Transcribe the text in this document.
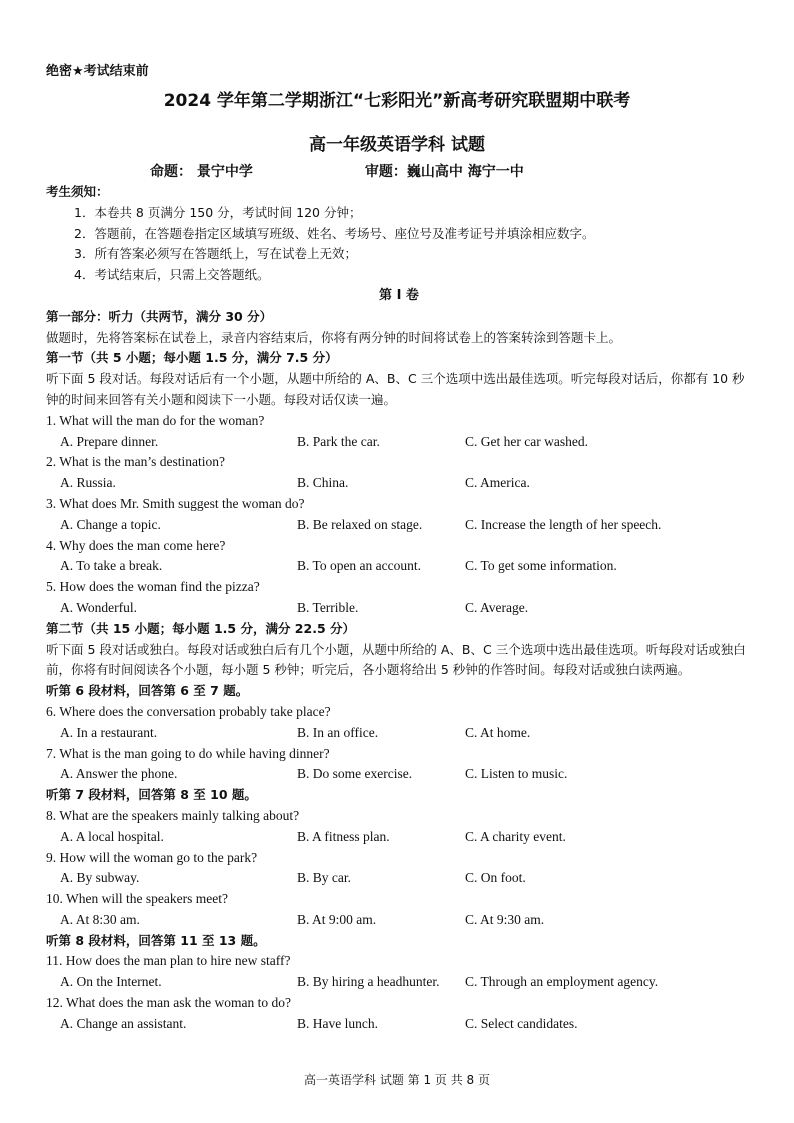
绝密★考试结束前
2024 学年第二学期浙江“七彩阳光”新高考研究联盟期中联考
高一年级英语学科 试题
命题： 景宁中学	审题：巍山高中 海宁一中
考生须知：
1．本卷共 8 页满分 150 分，考试时间 120 分钟；
2．答题前，在答题卷指定区域填写班级、姓名、考场号、座位号及准考证号并填涂相应数字。
3．所有答案必须写在答题纸上，写在试卷上无效；
4．考试结束后，只需上交答题纸。
第 I 卷
第一部分：听力（共两节，满分 30 分）
做题时，先将答案标在试卷上，录音内容结束后，你将有两分钟的时间将试卷上的答案转涂到答题卡上。
第一节（共 5 小题；每小题 1.5 分，满分 7.5 分）
听下面 5 段对话。每段对话后有一个小题，从题中所给的 A、B、C 三个选项中选出最佳选项。听完每段对话后，你都有 10 秒钟的时间来回答有关小题和阅读下一小题。每段对话仅读一遍。
1. What will the man do for the woman?
A. Prepare dinner.	B. Park the car.	C. Get her car washed.
2. What is the man’s destination?
A. Russia.	B. China.	C. America.
3. What does Mr. Smith suggest the woman do?
A. Change a topic.	B. Be relaxed on stage.	C. Increase the length of her speech.
4. Why does the man come here?
A. To take a break.	B. To open an account.	C. To get some information.
5. How does the woman find the pizza?
A. Wonderful.	B. Terrible.	C. Average.
第二节（共 15 小题；每小题 1.5 分，满分 22.5 分）
听下面 5 段对话或独白。每段对话或独白后有几个小题，从题中所给的 A、B、C 三个选项中选出最佳选项。听每段对话或独白前，你将有时间阅读各个小题，每小题 5 秒钟；听完后，各小题将给出 5 秒钟的作答时间。每段对话或独白读两遍。
听第 6 段材料，回答第 6 至 7 题。
6. Where does the conversation probably take place?
A. In a restaurant.	B. In an office.	C. At home.
7. What is the man going to do while having dinner?
A. Answer the phone.	B. Do some exercise.	C. Listen to music.
听第 7 段材料，回答第 8 至 10 题。
8. What are the speakers mainly talking about?
A. A local hospital.	B. A fitness plan.	C. A charity event.
9. How will the woman go to the park?
A. By subway.	B. By car.	C. On foot.
10. When will the speakers meet?
A. At 8:30 am.	B. At 9:00 am.	C. At 9:30 am.
听第 8 段材料，回答第 11 至 13 题。
11. How does the man plan to hire new staff?
A. On the Internet.	B. By hiring a headhunter. C. Through an employment agency.
12. What does the man ask the woman to do?
A. Change an assistant.	B. Have lunch.	C. Select candidates.
高一英语学科 试题 第 1 页 共 8 页
